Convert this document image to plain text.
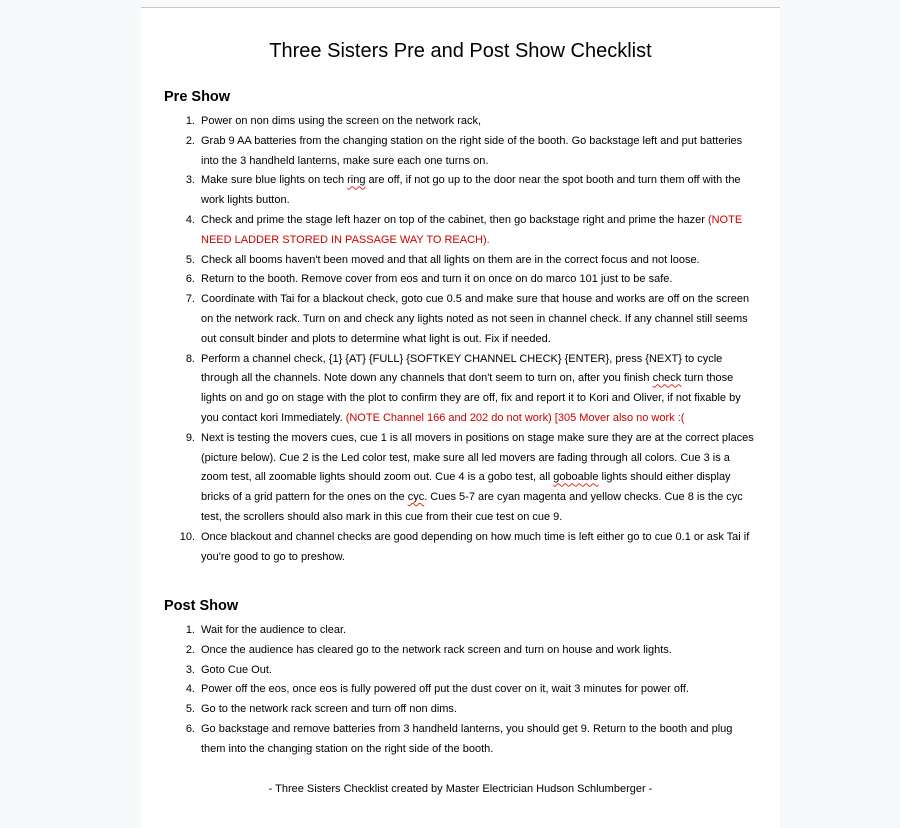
Three Sisters Pre and Post Show Checklist
Pre Show
1. Power on non dims using the screen on the network rack,
2. Grab 9 AA batteries from the changing station on the right side of the booth. Go backstage left and put batteries into the 3 handheld lanterns, make sure each one turns on.
3. Make sure blue lights on tech ring are off, if not go up to the door near the spot booth and turn them off with the work lights button.
4. Check and prime the stage left hazer on top of the cabinet, then go backstage right and prime the hazer (NOTE NEED LADDER STORED IN PASSAGE WAY TO REACH).
5. Check all booms haven't been moved and that all lights on them are in the correct focus and not loose.
6. Return to the booth. Remove cover from eos and turn it on once on do marco 101 just to be safe.
7. Coordinate with Tai for a blackout check, goto cue 0.5 and make sure that house and works are off on the screen on the network rack. Turn on and check any lights noted as not seen in channel check. If any channel still seems out consult binder and plots to determine what light is out. Fix if needed.
8. Perform a channel check, {1} {AT} {FULL} {SOFTKEY CHANNEL CHECK} {ENTER}, press {NEXT} to cycle through all the channels. Note down any channels that don't seem to turn on, after you finish check turn those lights on and go on stage with the plot to confirm they are off, fix and report it to Kori and Oliver, if not fixable by you contact kori Immediately. (NOTE Channel 166 and 202 do not work) [305 Mover also no work :(
9. Next is testing the movers cues, cue 1 is all movers in positions on stage make sure they are at the correct places (picture below). Cue 2 is the Led color test, make sure all led movers are fading through all colors. Cue 3 is a zoom test, all zoomable lights should zoom out. Cue 4 is a gobo test, all goboable lights should either display bricks of a grid pattern for the ones on the cyc. Cues 5-7 are cyan magenta and yellow checks. Cue 8 is the cyc test, the scrollers should also mark in this cue from their cue test on cue 9.
10. Once blackout and channel checks are good depending on how much time is left either go to cue 0.1 or ask Tai if you're good to go to preshow.
Post Show
1. Wait for the audience to clear.
2. Once the audience has cleared go to the network rack screen and turn on house and work lights.
3. Goto Cue Out.
4. Power off the eos, once eos is fully powered off put the dust cover on it, wait 3 minutes for power off.
5. Go to the network rack screen and turn off non dims.
6. Go backstage and remove batteries from 3 handheld lanterns, you should get 9. Return to the booth and plug them into the changing station on the right side of the booth.
- Three Sisters Checklist created by Master Electrician Hudson Schlumberger -
